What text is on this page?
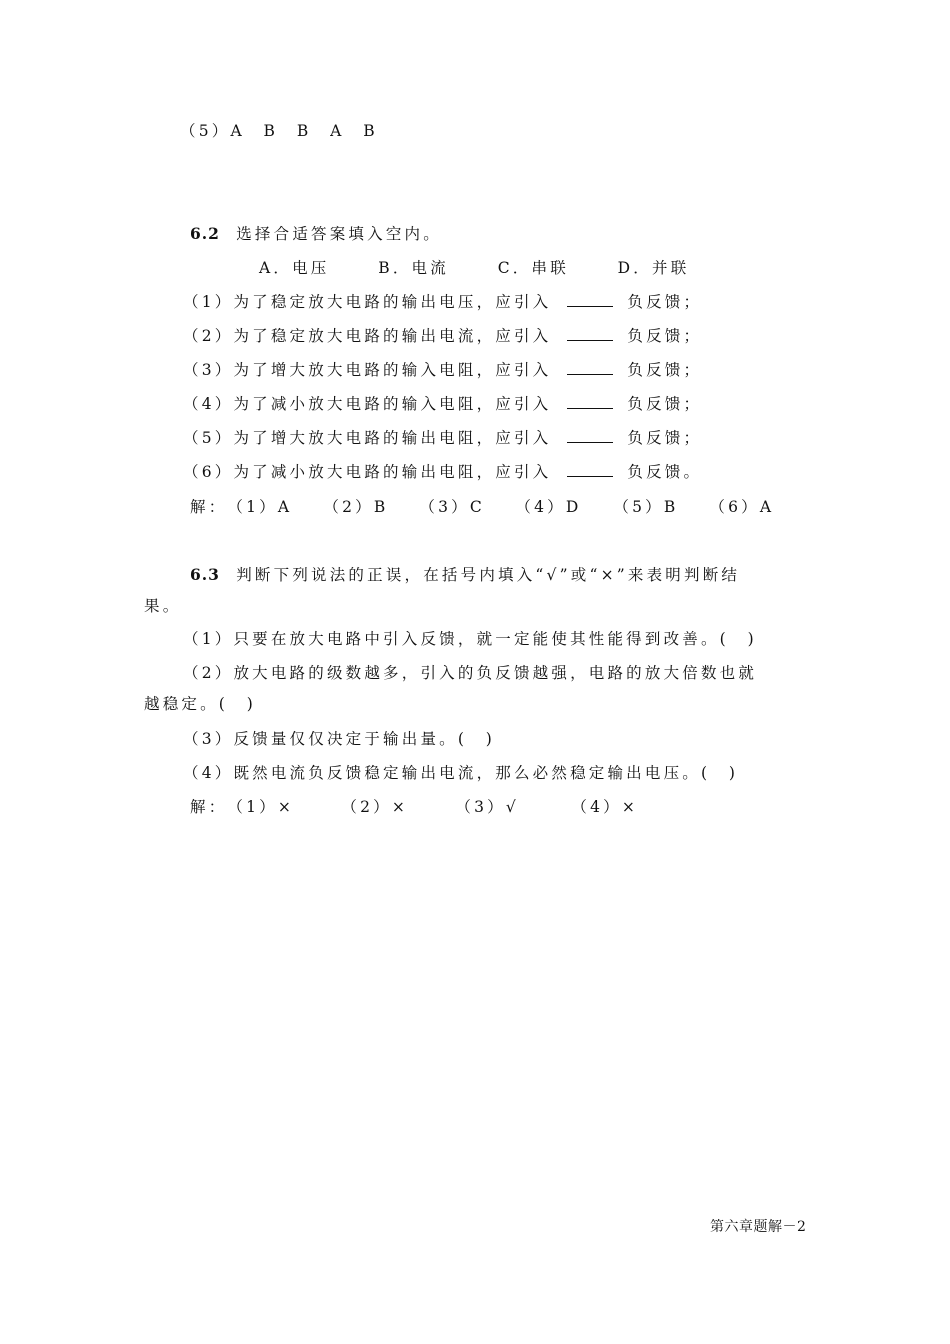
（5）A　B　B　A　B
6.2 选择合适答案填入空内。
A．电压	B．电流	C．串联	D．并联
（1）为了稳定放大电路的输出电压，应引入	负反馈；
（2）为了稳定放大电路的输出电流，应引入	负反馈；
（3）为了增大放大电路的输入电阻，应引入	负反馈；
（4）为了减小放大电路的输入电阻，应引入	负反馈；
（5）为了增大放大电路的输出电阻，应引入	负反馈；
（6）为了减小放大电路的输出电阻，应引入	负反馈。
解：（1）A （2）B （3）C （4）D （5）B （6）A
6.3 判断下列说法的正误，在括号内填入“√”或“×”来表明判断结
果。
（1）只要在放大电路中引入反馈，就一定能使其性能得到改善。(　)
（2）放大电路的级数越多，引入的负反馈越强，电路的放大倍数也就
越稳定。(　)
（3）反馈量仅仅决定于输出量。(　)
（4）既然电流负反馈稳定输出电流，那么必然稳定输出电压。(　)
解：（1）×	（2）×	（3）√	（4）×
第六章题解－2
